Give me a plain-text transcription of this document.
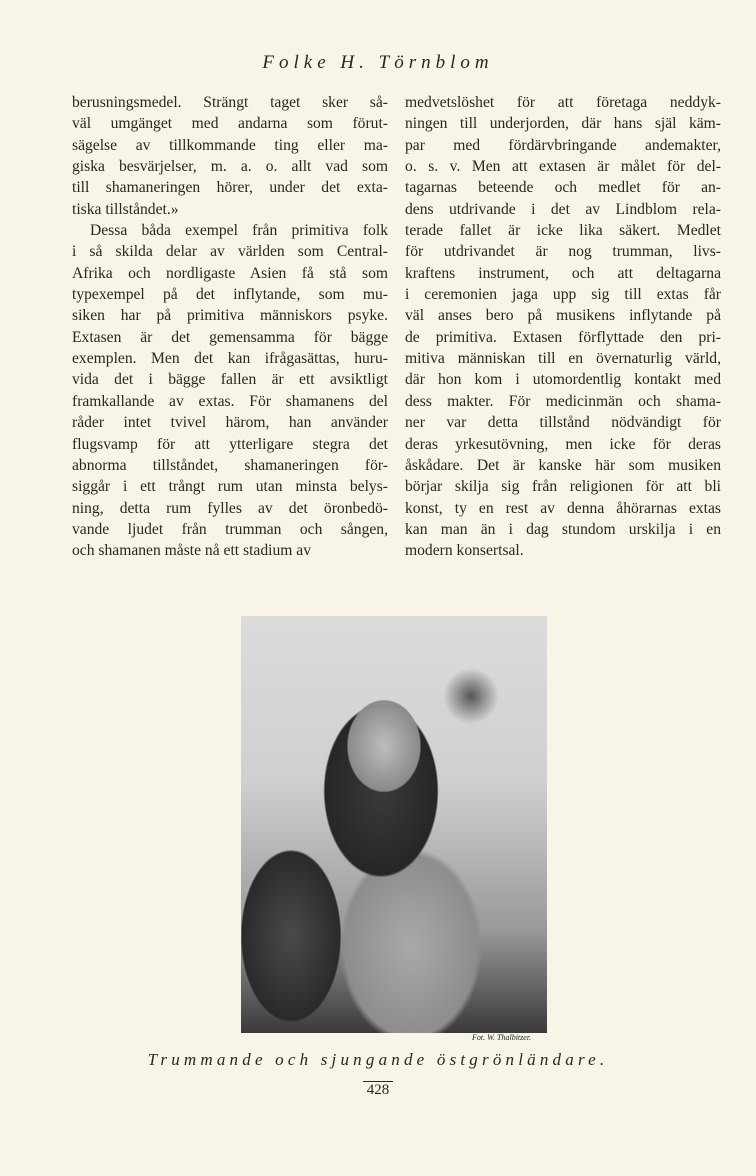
Folke H. Törnblom
berusningsmedel. Strängt taget sker så-
väl umgänget med andarna som förut-
sägelse av tillkommande ting eller ma-
giska besvärjelser, m. a. o. allt vad som
till shamaneringen hörer, under det exta-
tiska tillståndet.»
Dessa båda exempel från primitiva folk
i så skilda delar av världen som Central-
Afrika och nordligaste Asien få stå som
typexempel på det inflytande, som mu-
siken har på primitiva människors psyke.
Extasen är det gemensamma för bägge
exemplen. Men det kan ifrågasättas, huru-
vida det i bägge fallen är ett avsiktligt
framkallande av extas. För shamanens del
råder intet tvivel härom, han använder
flugsvamp för att ytterligare stegra det
abnorma tillståndet, shamaneringen för-
siggår i ett trångt rum utan minsta belys-
ning, detta rum fylles av det öronbedö-
vande ljudet från trumman och sången,
och shamanen måste nå ett stadium av
medvetslöshet för att företaga neddyk-
ningen till underjorden, där hans själ käm-
par med fördärvbringande andemakter,
o. s. v. Men att extasen är målet för del-
tagarnas beteende och medlet för an-
dens utdrivande i det av Lindblom rela-
terade fallet är icke lika säkert. Medlet
för utdrivandet är nog trumman, livs-
kraftens instrument, och att deltagarna
i ceremonien jaga upp sig till extas får
väl anses bero på musikens inflytande på
de primitiva. Extasen förflyttade den pri-
mitiva människan till en övernaturlig värld,
där hon kom i utomordentlig kontakt med
dess makter. För medicinmän och shama-
ner var detta tillstånd nödvändigt för
deras yrkesutövning, men icke för deras
åskådare. Det är kanske här som musiken
börjar skilja sig från religionen för att bli
konst, ty en rest av denna åhörarnas extas
kan man än i dag stundom urskilja i en
modern konsertsal.
Fot. W. Thalbitzer.
Trummande och sjungande östgrönländare.
428
